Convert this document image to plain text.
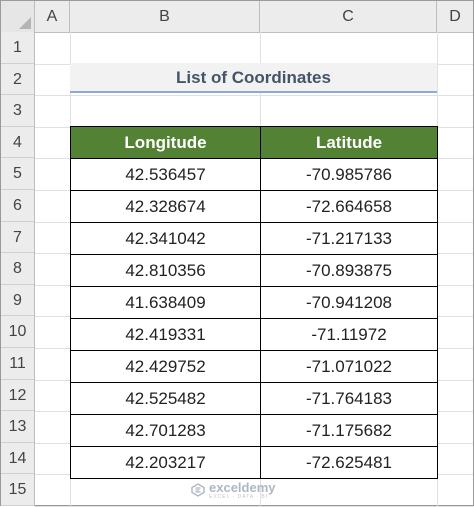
A	B	C	D
1
2
3
4
5
6
7
8
9
10
11
12
13
14
15
List of Coordinates
Longitude	Latitude
42.536457	-70.985786
42.328674	-72.664658
42.341042	-71.217133
42.810356	-70.893875
41.638409	-70.941208
42.419331	-71.11972
42.429752	-71.071022
42.525482	-71.764183
42.701283	-71.175682
42.203217	-72.625481
exceldemy
EXCEL · DATA · BI
